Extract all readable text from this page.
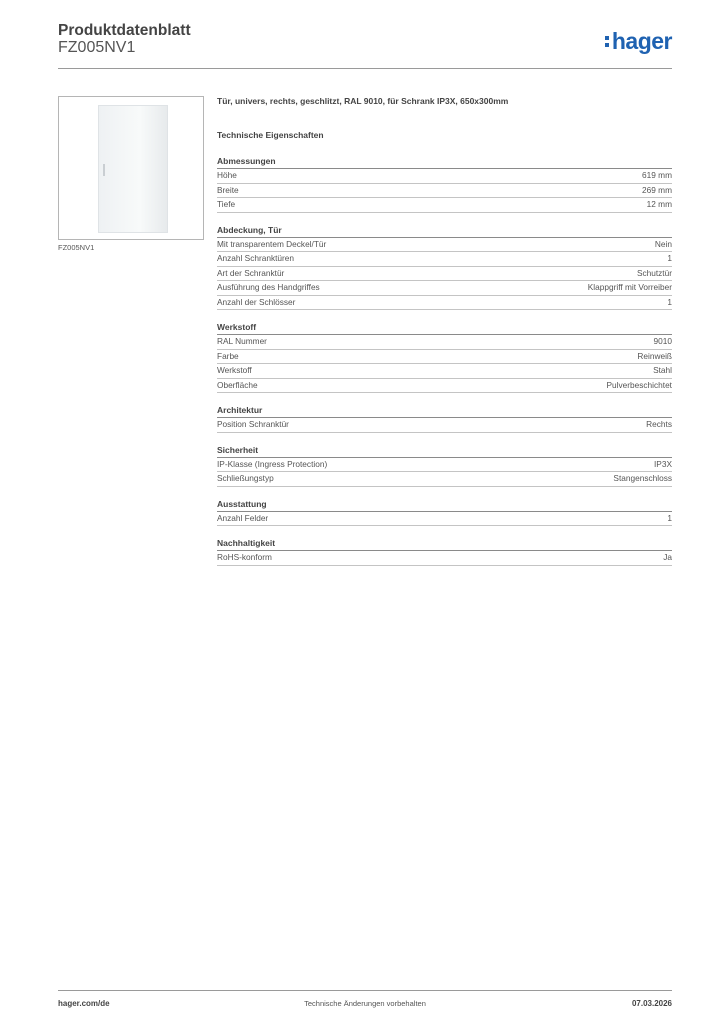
Produktdatenblatt
FZ005NV1	hager
FZ005NV1
Tür, univers, rechts, geschlitzt, RAL 9010, für Schrank IP3X, 650x300mm
Technische Eigenschaften
Abmessungen
Höhe	619 mm
Breite	269 mm
Tiefe	12 mm
Abdeckung, Tür
Mit transparentem Deckel/Tür	Nein
Anzahl Schranktüren	1
Art der Schranktür	Schutztür
Ausführung des Handgriffes	Klappgriff mit Vorreiber
Anzahl der Schlösser	1
Werkstoff
RAL Nummer	9010
Farbe	Reinweiß
Werkstoff	Stahl
Oberfläche	Pulverbeschichtet
Architektur
Position Schranktür	Rechts
Sicherheit
IP-Klasse (Ingress Protection)	IP3X
Schließungstyp	Stangenschloss
Ausstattung
Anzahl Felder	1
Nachhaltigkeit
RoHS-konform	Ja
hager.com/de	Technische Änderungen vorbehalten	07.03.2026
